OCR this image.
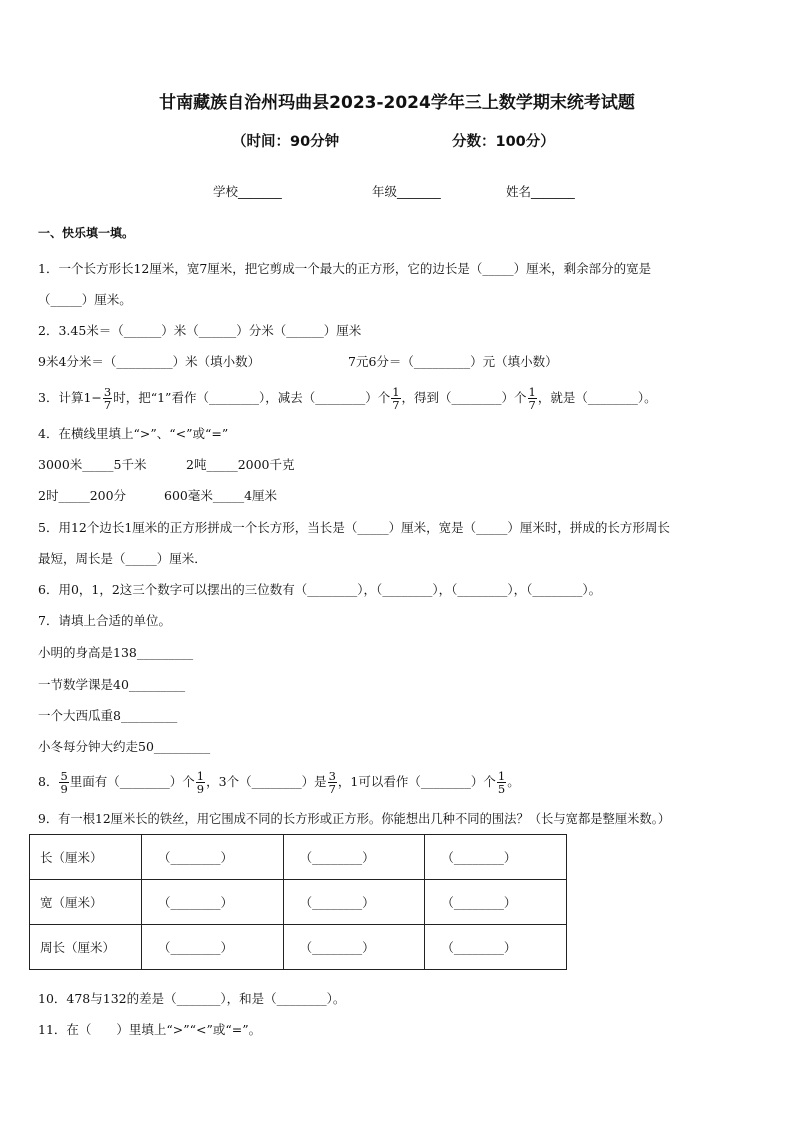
甘南藏族自治州玛曲县2023-2024学年三上数学期末统考试题
（时间：90分钟	分数：100分）
学校_______	年级_______	姓名_______
一、快乐填一填。
1．一个长方形长12厘米，宽7厘米，把它剪成一个最大的正方形，它的边长是（_____）厘米，剩余部分的宽是
（_____）厘米。
2．3.45米＝（______）米（______）分米（______）厘米
9米4分米＝（_________）米（填小数）	7元6分＝（_________）元（填小数）
3．计算$1- \frac{3}{7}$ 时，把“1”看作（________），减去（________）个 $\frac{1}{7}$ ，得到（________）个 $\frac{1}{7}$ ，就是（________）。
4．在横线里填上“>”、“<”或“=”
3000米_____5千米	2吨_____2000千克
2时_____200分	600毫米_____4厘米
5．用12个边长1厘米的正方形拼成一个长方形，当长是（_____）厘米，宽是（_____）厘米时，拼成的长方形周长
最短，周长是（_____）厘米．
6．用0，1，2这三个数字可以摆出的三位数有（________），（________），（________），（________）。
7．请填上合适的单位。
小明的身高是138_________
一节数学课是40_________
一个大西瓜重8_________
小冬每分钟大约走50_________
8． $\frac{5}{9}$ 里面有（________）个 $\frac{1}{9}$ ，3个（________）是 $\frac{3}{7}$ ，1可以看作（________）个 $\frac{1}{5}$ 。
9．有一根12厘米长的铁丝，用它围成不同的长方形或正方形。你能想出几种不同的围法？（长与宽都是整厘米数。）
长（厘米）	（________）	（________）	（________）
宽（厘米）	（________）	（________）	（________）
周长（厘米）	（________）	（________）	（________）
10．478与132的差是（_______），和是（________）。
11．在（　　）里填上“>”“<”或“=”。
